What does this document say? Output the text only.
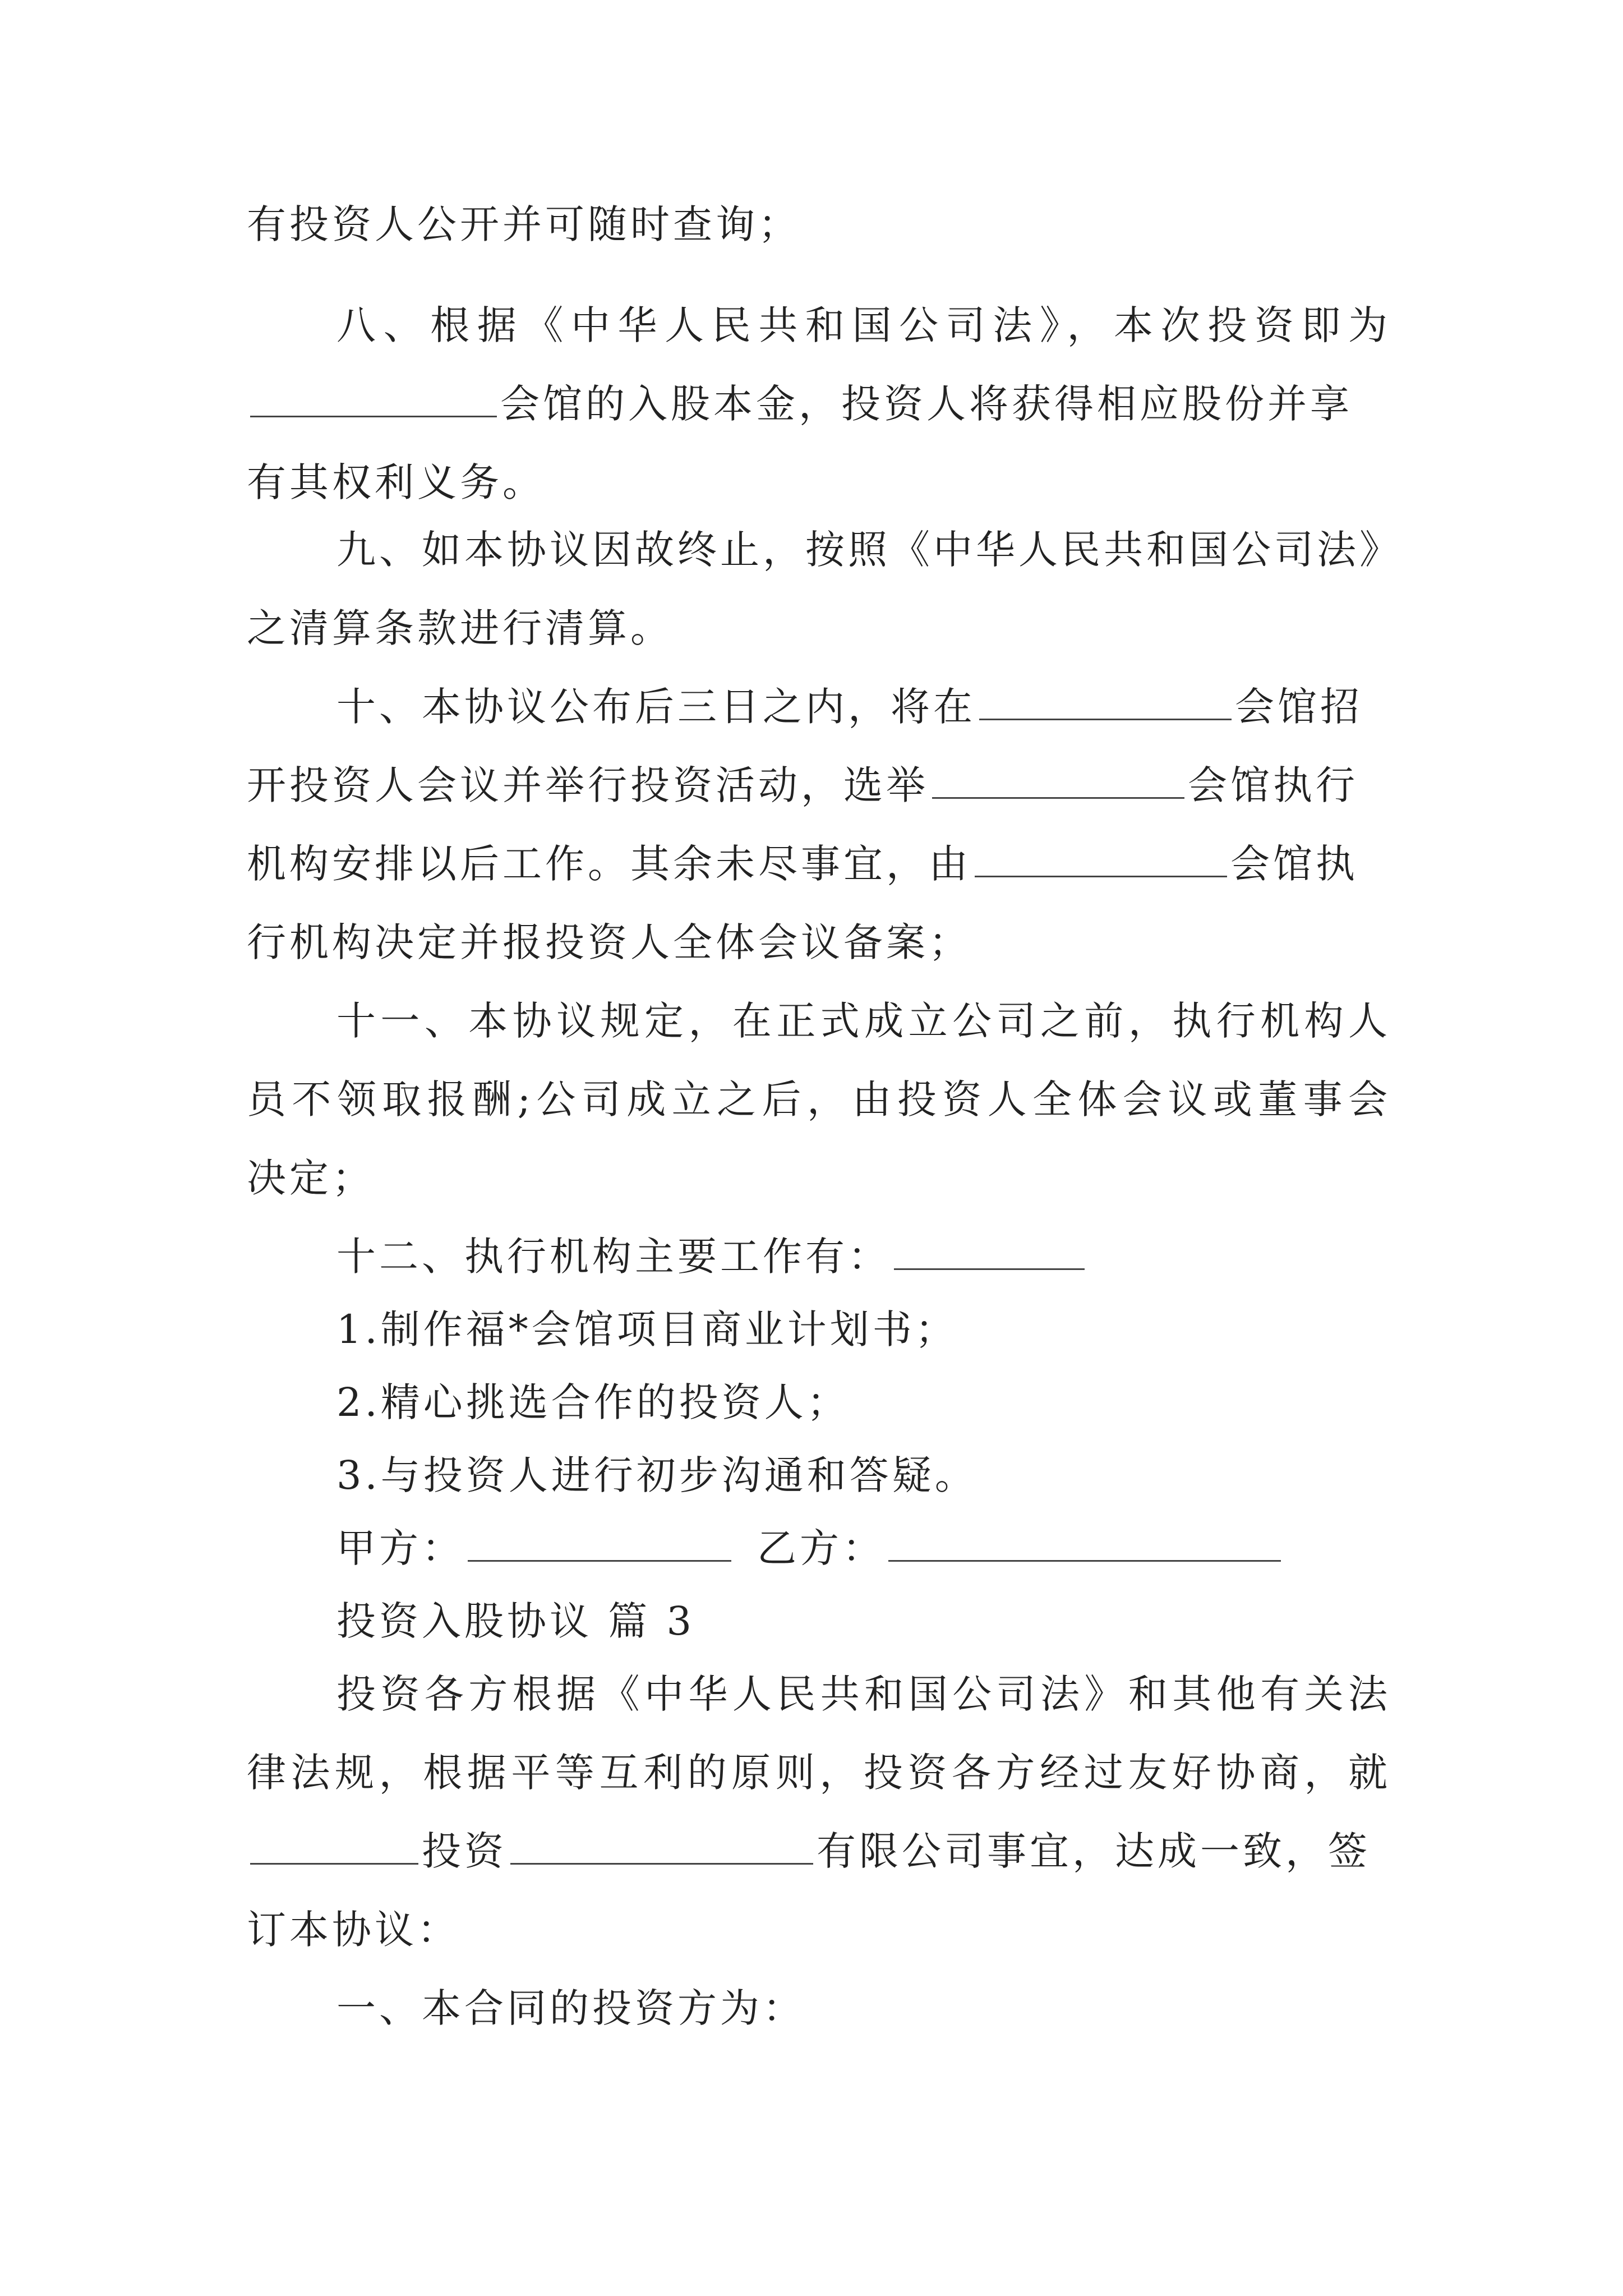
有投资人公开并可随时查询；
八、根据《中华人民共和国公司法》，本次投资即为
会馆的入股本金，投资人将获得相应股份并享
有其权利义务。
九、如本协议因故终止，按照《中华人民共和国公司法》
之清算条款进行清算。
十、本协议公布后三日之内，将在	会馆招
开投资人会议并举行投资活动，选举	会馆执行
机构安排以后工作。其余未尽事宜，由	会馆执
行机构决定并报投资人全体会议备案；
十一、本协议规定，在正式成立公司之前，执行机构人
员不领取报酬;公司成立之后，由投资人全体会议或董事会
决定；
十二、执行机构主要工作有：
1.制作福*会馆项目商业计划书；
2.精心挑选合作的投资人；
3.与投资人进行初步沟通和答疑。
甲方：	乙方：
投资入股协议 篇 3
投资各方根据《中华人民共和国公司法》和其他有关法
律法规，根据平等互利的原则，投资各方经过友好协商，就
投资	有限公司事宜，达成一致，签
订本协议：
一、本合同的投资方为：
